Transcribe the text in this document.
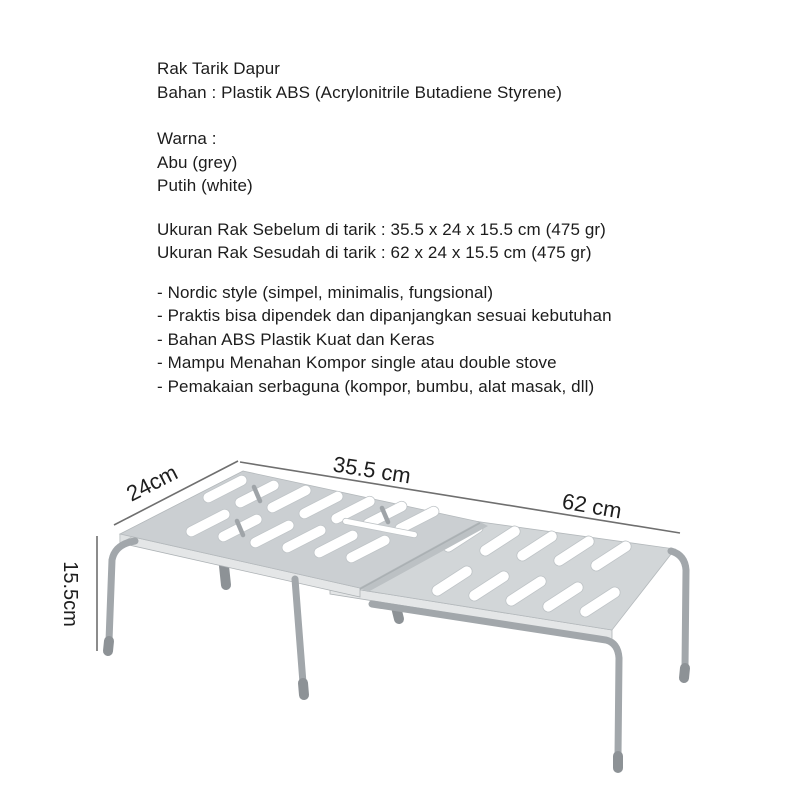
Rak Tarik Dapur
Bahan : Plastik ABS (Acrylonitrile Butadiene Styrene)
Warna :
Abu (grey)
Putih (white)
Ukuran Rak Sebelum di tarik : 35.5 x 24 x 15.5 cm (475 gr)
Ukuran Rak Sesudah di tarik : 62 x 24 x 15.5 cm (475 gr)
- Nordic style (simpel, minimalis, fungsional)
- Praktis bisa dipendek dan dipanjangkan sesuai kebutuhan
- Bahan ABS Plastik Kuat dan Keras
- Mampu Menahan Kompor single atau double stove
- Pemakaian serbaguna (kompor, bumbu, alat masak, dll)
35.5 cm
62 cm
24cm
15.5cm
